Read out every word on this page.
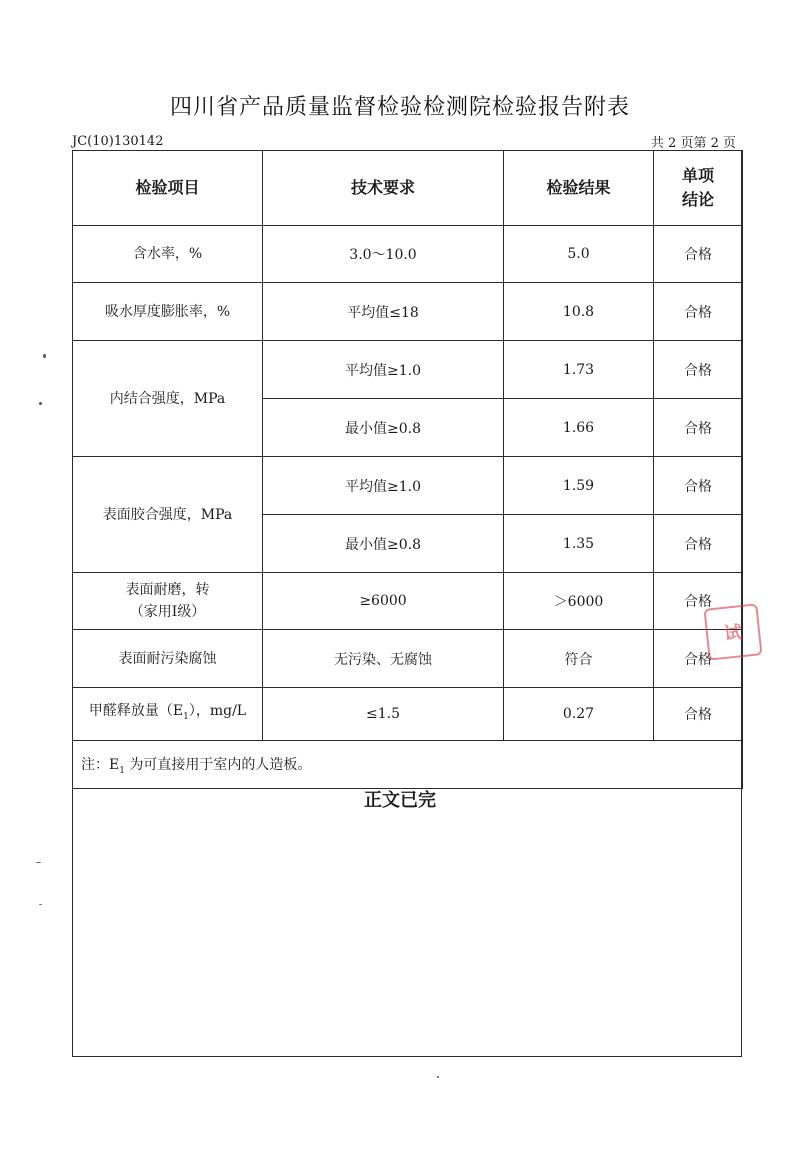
四川省产品质量监督检验检测院检验报告附表
JC(10)130142	共 2 页第 2 页
检验项目	技术要求	检验结果	单项
结论
含水率，%	3.0～10.0	5.0	合格
吸水厚度膨胀率，%	平均值≤18	10.8	合格
内结合强度，MPa	平均值≥1.0	1.73	合格
	最小值≥0.8	1.66	合格
表面胶合强度，MPa	平均值≥1.0	1.59	合格
	最小值≥0.8	1.35	合格
表面耐磨，转
（家用Ⅰ级）	≥6000	＞6000	合格
表面耐污染腐蚀	无污染、无腐蚀	符合	合格
甲醛释放量$(E_1)$，mg/L	≤1.5	0.27	合格
注：$E_1$ 为可直接用于室内的人造板。			
正文已完
试
